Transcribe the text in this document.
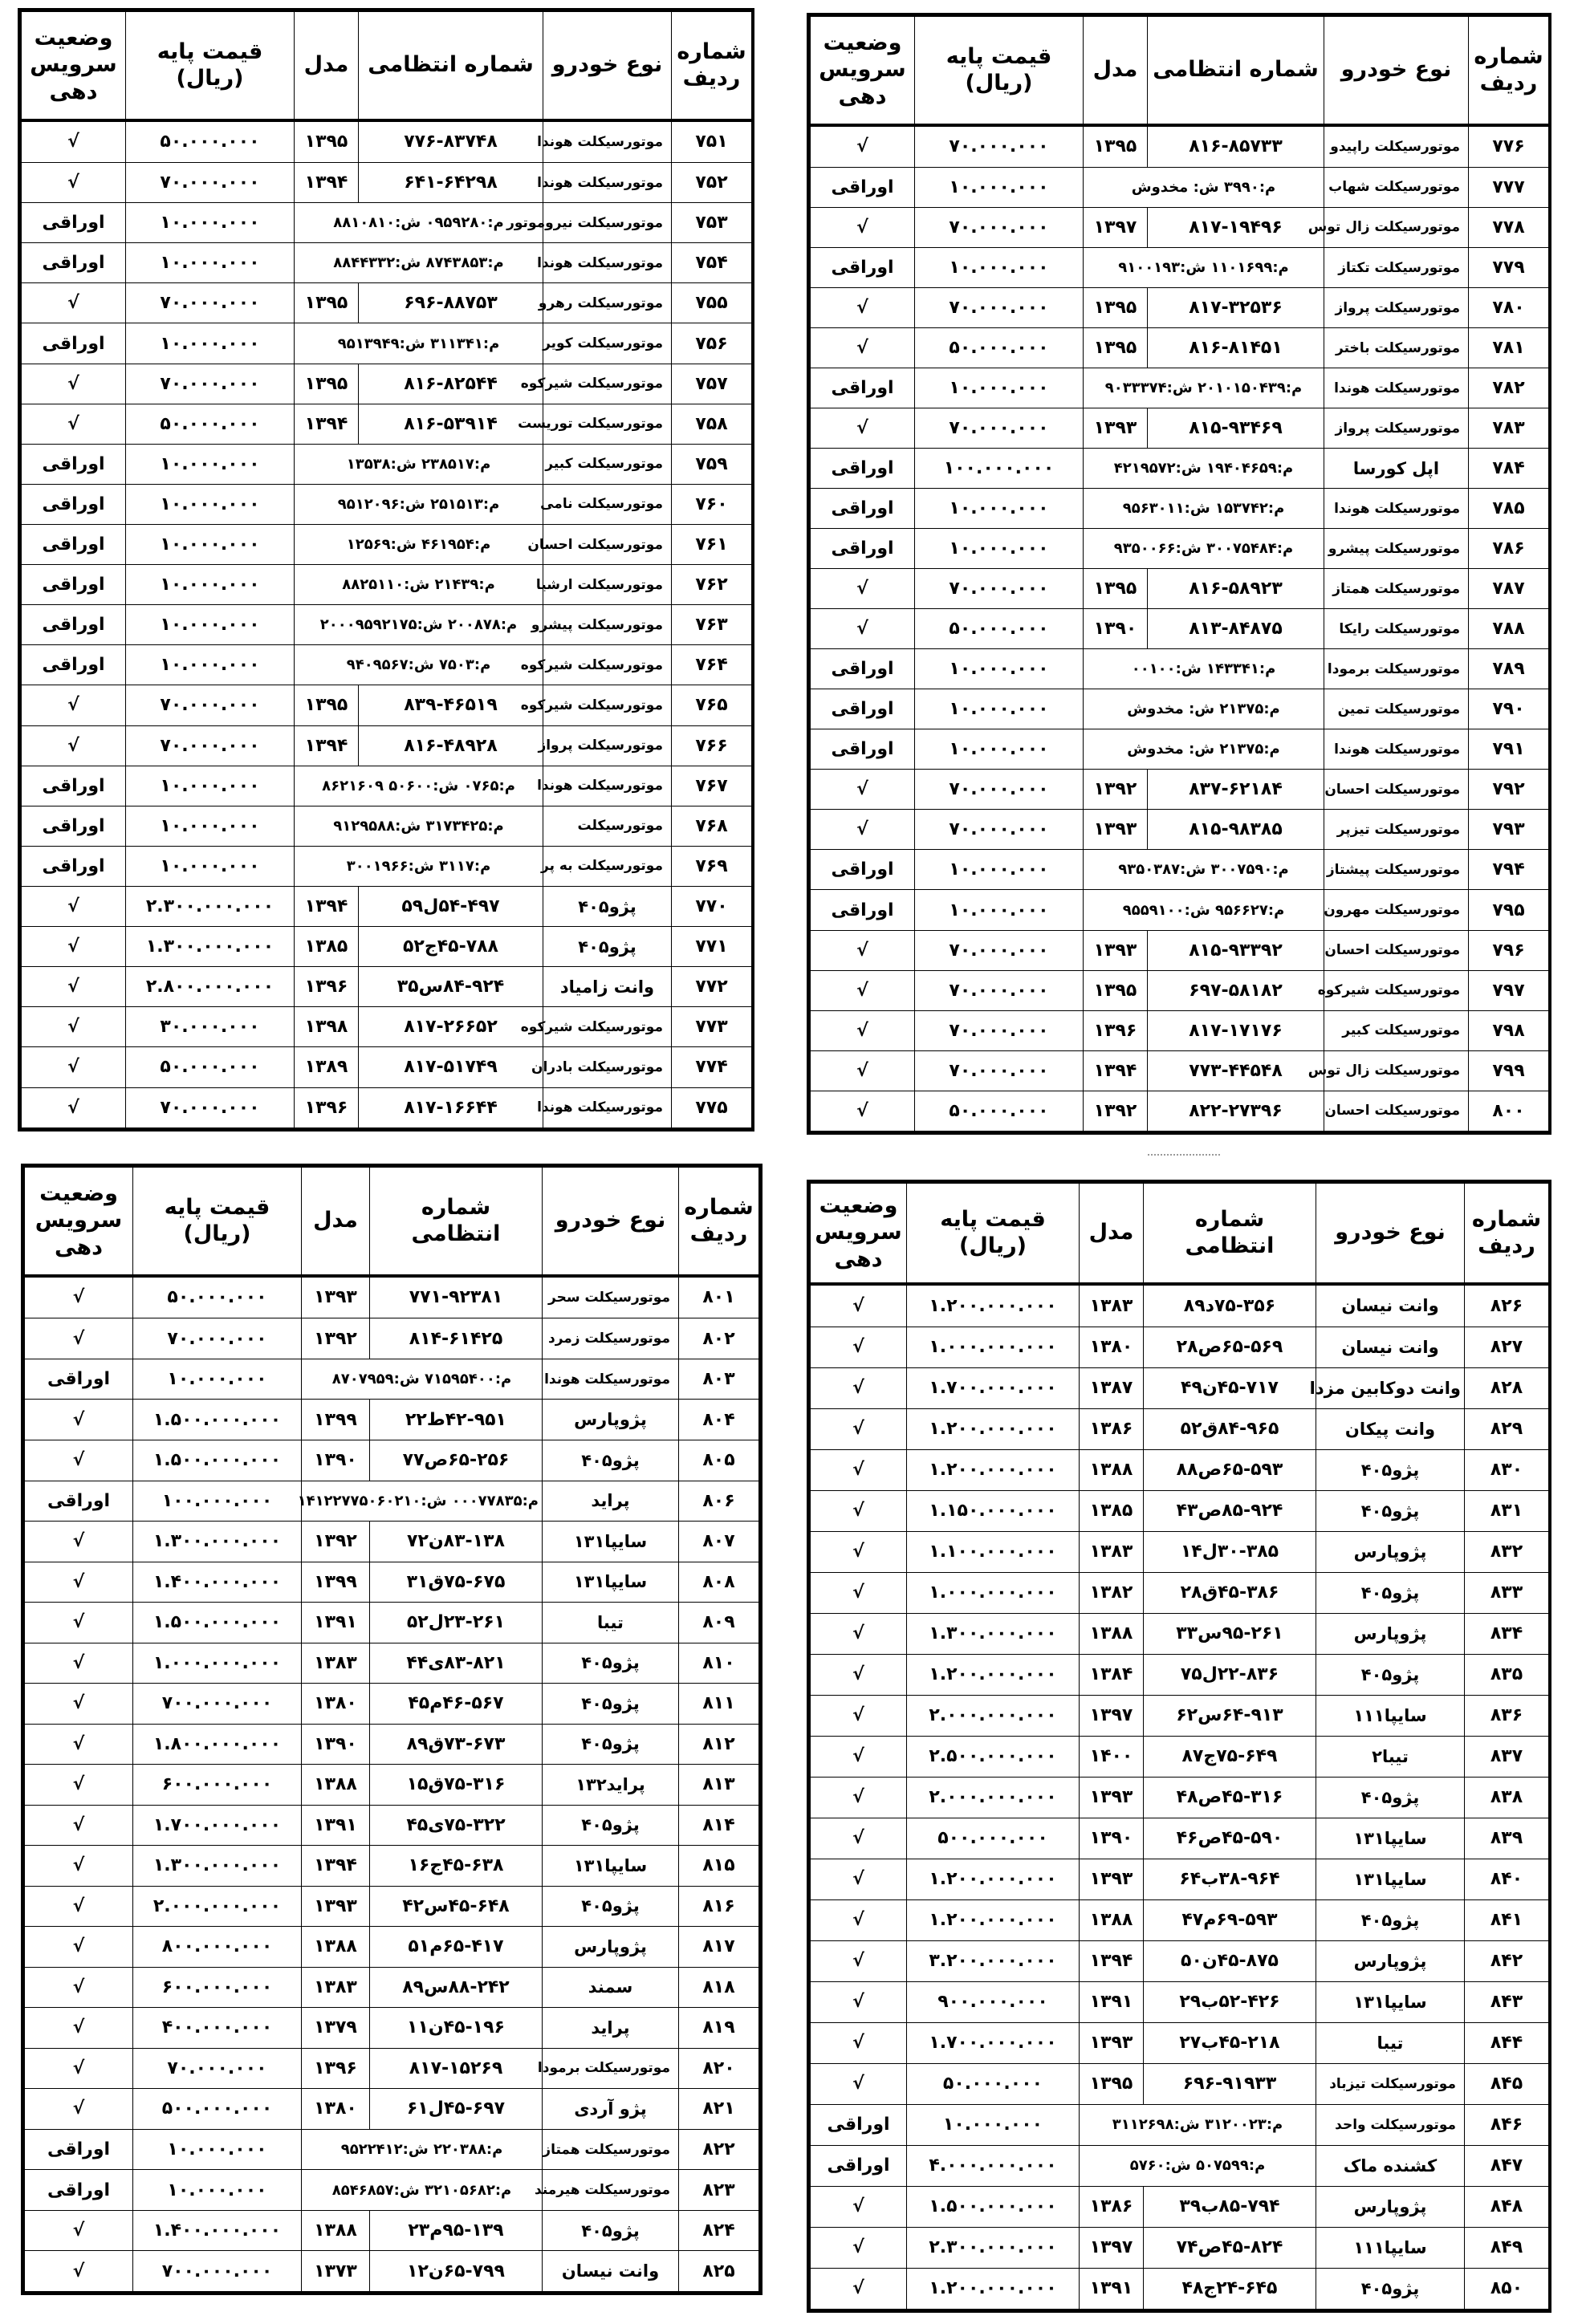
شماره ردیف	نوع خودرو	شماره انتظامی	مدل	قیمت پایه (ریال)	وضعیت سرویس دهی
۷۵۱	موتورسیکلت هوندا	۷۷۶-۸۳۷۴۸	۱۳۹۵	۵۰.۰۰۰.۰۰۰	√
۷۵۲	موتورسیکلت هوندا	۶۴۱-۶۴۲۹۸	۱۳۹۴	۷۰.۰۰۰.۰۰۰	√
۷۵۳	موتورسیکلت نیروموتور	م:۰۹۵۹۲۸۰ ش:۸۸۱۰۸۱۰		۱۰.۰۰۰.۰۰۰	اوراقی
۷۵۴	موتورسیکلت هوندا	م:۸۷۴۳۸۵۳ ش:۸۸۴۴۳۳۲		۱۰.۰۰۰.۰۰۰	اوراقی
۷۵۵	موتورسیکلت رهرو	۶۹۶-۸۸۷۵۳	۱۳۹۵	۷۰.۰۰۰.۰۰۰	√
۷۵۶	موتورسیکلت کویر	م:۳۱۱۳۴۱ ش:۹۵۱۳۹۴۹		۱۰.۰۰۰.۰۰۰	اوراقی
۷۵۷	موتورسیکلت شیرکوه	۸۱۶-۸۲۵۴۴	۱۳۹۵	۷۰.۰۰۰.۰۰۰	√
۷۵۸	موتورسیکلت توریست	۸۱۶-۵۳۹۱۴	۱۳۹۴	۵۰.۰۰۰.۰۰۰	√
۷۵۹	موتورسیکلت کبیر	م:۲۳۸۵۱۷ ش:۱۳۵۳۸		۱۰.۰۰۰.۰۰۰	اوراقی
۷۶۰	موتورسیکلت نامی	م:۲۵۱۵۱۳ ش:۹۵۱۲۰۹۶		۱۰.۰۰۰.۰۰۰	اوراقی
۷۶۱	موتورسیکلت احسان	م:۴۶۱۹۵۴ ش:۱۲۵۶۹		۱۰.۰۰۰.۰۰۰	اوراقی
۷۶۲	موتورسیکلت ارشیا	م:۲۱۴۳۹ ش:۸۸۲۵۱۱۰		۱۰.۰۰۰.۰۰۰	اوراقی
۷۶۳	موتورسیکلت پیشرو	م:۲۰۰۸۷۸ ش:۲۰۰۰۹۵۹۲۱۷۵		۱۰.۰۰۰.۰۰۰	اوراقی
۷۶۴	موتورسیکلت شیرکوه	م:۷۵۰۳ ش:۹۴۰۹۵۶۷		۱۰.۰۰۰.۰۰۰	اوراقی
۷۶۵	موتورسیکلت شیرکوه	۸۳۹-۴۶۵۱۹	۱۳۹۵	۷۰.۰۰۰.۰۰۰	√
۷۶۶	موتورسیکلت پرواز	۸۱۶-۴۸۹۲۸	۱۳۹۴	۷۰.۰۰۰.۰۰۰	√
۷۶۷	موتورسیکلت هوندا	م:۰۷۶۵ ش:۵۰۶۰۰ ۸۶۲۱۶۰۹		۱۰.۰۰۰.۰۰۰	اوراقی
۷۶۸	موتورسیکلت	م:۳۱۷۳۴۲۵ ش:۹۱۲۹۵۸۸		۱۰.۰۰۰.۰۰۰	اوراقی
۷۶۹	موتورسیکلت به پر	م:۳۱۱۷ ش:۳۰۰۱۹۶۶		۱۰.۰۰۰.۰۰۰	اوراقی
۷۷۰	پژو۴۰۵	۵۴-۴۹۷ل۵۹	۱۳۹۴	۲.۳۰۰.۰۰۰.۰۰۰	√
۷۷۱	پژو۴۰۵	۴۵-۷۸۸ج۵۲	۱۳۸۵	۱.۳۰۰.۰۰۰.۰۰۰	√
۷۷۲	وانت زامیاد	۸۴-۹۲۴س۳۵	۱۳۹۶	۲.۸۰۰.۰۰۰.۰۰۰	√
۷۷۳	موتورسیکلت شیرکوه	۸۱۷-۲۶۶۵۲	۱۳۹۸	۳۰.۰۰۰.۰۰۰	√
۷۷۴	موتورسیکلت بادران	۸۱۷-۵۱۷۴۹	۱۳۸۹	۵۰.۰۰۰.۰۰۰	√
۷۷۵	موتورسیکلت هوندا	۸۱۷-۱۶۶۴۴	۱۳۹۶	۷۰.۰۰۰.۰۰۰	√
شماره ردیف	نوع خودرو	شماره انتظامی	مدل	قیمت پایه (ریال)	وضعیت سرویس دهی
۷۷۶	موتورسیکلت راپیدو	۸۱۶-۸۵۷۳۳	۱۳۹۵	۷۰.۰۰۰.۰۰۰	√
۷۷۷	موتورسیکلت شهاب	م:۳۹۹۰ ش: مخدوش		۱۰.۰۰۰.۰۰۰	اوراقی
۷۷۸	موتورسیکلت زال توس	۸۱۷-۱۹۴۹۶	۱۳۹۷	۷۰.۰۰۰.۰۰۰	√
۷۷۹	موتورسیکلت تکتاز	م:۱۱۰۱۶۹۹ ش:۹۱۰۰۱۹۳		۱۰.۰۰۰.۰۰۰	اوراقی
۷۸۰	موتورسیکلت پرواز	۸۱۷-۳۲۵۳۶	۱۳۹۵	۷۰.۰۰۰.۰۰۰	√
۷۸۱	موتورسیکلت باختر	۸۱۶-۸۱۴۵۱	۱۳۹۵	۵۰.۰۰۰.۰۰۰	√
۷۸۲	موتورسیکلت هوندا	م:۲۰۱۰۱۵۰۴۳۹ ش:۹۰۳۳۳۷۴		۱۰.۰۰۰.۰۰۰	اوراقی
۷۸۳	موتورسیکلت پرواز	۸۱۵-۹۳۴۶۹	۱۳۹۳	۷۰.۰۰۰.۰۰۰	√
۷۸۴	اپل کورسا	م:۱۹۴۰۴۶۵۹ ش:۴۲۱۹۵۷۲		۱۰۰.۰۰۰.۰۰۰	اوراقی
۷۸۵	موتورسیکلت هوندا	م:۱۵۳۷۴۲ ش:۹۵۶۳۰۱۱		۱۰.۰۰۰.۰۰۰	اوراقی
۷۸۶	موتورسیکلت پیشرو	م:۳۰۰۷۵۴۸۴ ش:۹۳۵۰۰۶۶		۱۰.۰۰۰.۰۰۰	اوراقی
۷۸۷	موتورسیکلت همتاز	۸۱۶-۵۸۹۲۳	۱۳۹۵	۷۰.۰۰۰.۰۰۰	√
۷۸۸	موتورسیکلت رایکا	۸۱۳-۸۴۸۷۵	۱۳۹۰	۵۰.۰۰۰.۰۰۰	√
۷۸۹	موتورسیکلت برمودا	م:۱۴۳۳۴۱ ش:۰۰۱۰۰		۱۰.۰۰۰.۰۰۰	اوراقی
۷۹۰	موتورسیکلت تمین	م:۲۱۳۷۵ ش: مخدوش		۱۰.۰۰۰.۰۰۰	اوراقی
۷۹۱	موتورسیکلت هوندا	م:۲۱۳۷۵ ش: مخدوش		۱۰.۰۰۰.۰۰۰	اوراقی
۷۹۲	موتورسیکلت احسان	۸۳۷-۶۲۱۸۴	۱۳۹۲	۷۰.۰۰۰.۰۰۰	√
۷۹۳	موتورسیکلت تیزپر	۸۱۵-۹۸۳۸۵	۱۳۹۳	۷۰.۰۰۰.۰۰۰	√
۷۹۴	موتورسیکلت پیشتاز	م:۳۰۰۷۵۹۰ ش:۹۳۵۰۳۸۷		۱۰.۰۰۰.۰۰۰	اوراقی
۷۹۵	موتورسیکلت مهرون	م:۹۵۶۶۲۷ ش:۹۵۵۹۱۰۰		۱۰.۰۰۰.۰۰۰	اوراقی
۷۹۶	موتورسیکلت احسان	۸۱۵-۹۳۳۹۲	۱۳۹۳	۷۰.۰۰۰.۰۰۰	√
۷۹۷	موتورسیکلت شیرکوه	۶۹۷-۵۸۱۸۲	۱۳۹۵	۷۰.۰۰۰.۰۰۰	√
۷۹۸	موتورسیکلت کبیر	۸۱۷-۱۷۱۷۶	۱۳۹۶	۷۰.۰۰۰.۰۰۰	√
۷۹۹	موتورسیکلت زال توس	۷۷۳-۴۴۵۴۸	۱۳۹۴	۷۰.۰۰۰.۰۰۰	√
۸۰۰	موتورسیکلت احسان	۸۲۲-۲۷۳۹۶	۱۳۹۲	۵۰.۰۰۰.۰۰۰	√
شماره ردیف	نوع خودرو	شماره انتظامی	مدل	قیمت پایه (ریال)	وضعیت سرویس دهی
۸۰۱	موتورسیکلت سحر	۷۷۱-۹۲۳۸۱	۱۳۹۳	۵۰.۰۰۰.۰۰۰	√
۸۰۲	موتورسیکلت زمرد	۸۱۴-۶۱۴۲۵	۱۳۹۲	۷۰.۰۰۰.۰۰۰	√
۸۰۳	موتورسیکلت هوندا	م:۷۱۵۹۵۴۰۰ ش:۸۷۰۷۹۵۹		۱۰.۰۰۰.۰۰۰	اوراقی
۸۰۴	پژوپارس	۴۲-۹۵۱ط۲۲	۱۳۹۹	۱.۵۰۰.۰۰۰.۰۰۰	√
۸۰۵	پژو۴۰۵	۶۵-۲۵۶ص۷۷	۱۳۹۰	۱.۵۰۰.۰۰۰.۰۰۰	√
۸۰۶	پراید	م:۰۰۰۷۷۸۳۵ ش:۱۴۱۲۲۷۷۵۰۶۰۲۱۰		۱۰۰.۰۰۰.۰۰۰	اوراقی
۸۰۷	سایپا۱۳۱	۸۳-۱۳۸ن۷۲	۱۳۹۲	۱.۳۰۰.۰۰۰.۰۰۰	√
۸۰۸	سایپا۱۳۱	۷۵-۶۷۵ق۳۱	۱۳۹۹	۱.۴۰۰.۰۰۰.۰۰۰	√
۸۰۹	تیبا	۲۳-۲۶۱ل۵۲	۱۳۹۱	۱.۵۰۰.۰۰۰.۰۰۰	√
۸۱۰	پژو۴۰۵	۸۳-۸۲۱ی۴۴	۱۳۸۳	۱.۰۰۰.۰۰۰.۰۰۰	√
۸۱۱	پژو۴۰۵	۴۶-۵۶۷م۴۵	۱۳۸۰	۷۰۰.۰۰۰.۰۰۰	√
۸۱۲	پژو۴۰۵	۷۳-۶۷۳ق۸۹	۱۳۹۰	۱.۸۰۰.۰۰۰.۰۰۰	√
۸۱۳	پراید۱۳۲	۷۵-۳۱۶ق۱۵	۱۳۸۸	۶۰۰.۰۰۰.۰۰۰	√
۸۱۴	پژو۴۰۵	۷۵-۳۲۲ی۴۵	۱۳۹۱	۱.۷۰۰.۰۰۰.۰۰۰	√
۸۱۵	سایپا۱۳۱	۴۵-۶۳۸ج۱۶	۱۳۹۴	۱.۳۰۰.۰۰۰.۰۰۰	√
۸۱۶	پژو۴۰۵	۴۵-۶۴۸س۴۲	۱۳۹۳	۲.۰۰۰.۰۰۰.۰۰۰	√
۸۱۷	پژوپارس	۶۵-۴۱۷م۵۱	۱۳۸۸	۸۰۰.۰۰۰.۰۰۰	√
۸۱۸	سمند	۸۸-۲۴۲س۸۹	۱۳۸۳	۶۰۰.۰۰۰.۰۰۰	√
۸۱۹	پراید	۴۵-۱۹۶ن۱۱	۱۳۷۹	۴۰۰.۰۰۰.۰۰۰	√
۸۲۰	موتورسیکلت برمودا	۸۱۷-۱۵۲۶۹	۱۳۹۶	۷۰.۰۰۰.۰۰۰	√
۸۲۱	پژو آردی	۴۵-۶۹۷ل۶۱	۱۳۸۰	۵۰۰.۰۰۰.۰۰۰	√
۸۲۲	موتورسیکلت همتاز	م:۲۲۰۳۸۸ ش:۹۵۲۲۴۱۲		۱۰.۰۰۰.۰۰۰	اوراقی
۸۲۳	موتورسیکلت هیرمند	م:۳۲۱۰۵۶۸۲ ش:۸۵۴۶۸۵۷		۱۰.۰۰۰.۰۰۰	اوراقی
۸۲۴	پژو۴۰۵	۹۵-۱۳۹م۲۳	۱۳۸۸	۱.۴۰۰.۰۰۰.۰۰۰	√
۸۲۵	وانت نیسان	۶۵-۷۹۹ن۱۲	۱۳۷۳	۷۰۰.۰۰۰.۰۰۰	√
شماره ردیف	نوع خودرو	شماره انتظامی	مدل	قیمت پایه (ریال)	وضعیت سرویس دهی
۸۲۶	وانت نیسان	۷۵-۳۵۶د۸۹	۱۳۸۳	۱.۲۰۰.۰۰۰.۰۰۰	√
۸۲۷	وانت نیسان	۶۵-۵۶۹ص۲۸	۱۳۸۰	۱.۰۰۰.۰۰۰.۰۰۰	√
۸۲۸	وانت دوکابین مزدا	۴۵-۷۱۷ن۴۹	۱۳۸۷	۱.۷۰۰.۰۰۰.۰۰۰	√
۸۲۹	وانت پیکان	۸۴-۹۶۵ق۵۲	۱۳۸۶	۱.۲۰۰.۰۰۰.۰۰۰	√
۸۳۰	پژو۴۰۵	۶۵-۵۹۳ص۸۸	۱۳۸۸	۱.۲۰۰.۰۰۰.۰۰۰	√
۸۳۱	پژو۴۰۵	۸۵-۹۲۴ص۴۳	۱۳۸۵	۱.۱۵۰.۰۰۰.۰۰۰	√
۸۳۲	پژوپارس	۳۰-۳۸۵ل۱۴	۱۳۸۳	۱.۱۰۰.۰۰۰.۰۰۰	√
۸۳۳	پژو۴۰۵	۴۵-۳۸۶ق۲۸	۱۳۸۲	۱.۰۰۰.۰۰۰.۰۰۰	√
۸۳۴	پژوپارس	۹۵-۲۶۱س۳۳	۱۳۸۸	۱.۳۰۰.۰۰۰.۰۰۰	√
۸۳۵	پژو۴۰۵	۲۲-۸۳۶ل۷۵	۱۳۸۴	۱.۲۰۰.۰۰۰.۰۰۰	√
۸۳۶	سایپا۱۱۱	۶۴-۹۱۳س۶۲	۱۳۹۷	۲.۰۰۰.۰۰۰.۰۰۰	√
۸۳۷	تیبا۲	۷۵-۶۴۹ج۸۷	۱۴۰۰	۲.۵۰۰.۰۰۰.۰۰۰	√
۸۳۸	پژو۴۰۵	۴۵-۳۱۶ص۴۸	۱۳۹۳	۲.۰۰۰.۰۰۰.۰۰۰	√
۸۳۹	سایپا۱۳۱	۴۵-۵۹۰ص۴۶	۱۳۹۰	۵۰۰.۰۰۰.۰۰۰	√
۸۴۰	سایپا۱۳۱	۳۸-۹۶۴ب۶۴	۱۳۹۳	۱.۲۰۰.۰۰۰.۰۰۰	√
۸۴۱	پژو۴۰۵	۶۹-۵۹۳م۴۷	۱۳۸۸	۱.۲۰۰.۰۰۰.۰۰۰	√
۸۴۲	پژوپارس	۴۵-۸۷۵ن۵۰	۱۳۹۴	۳.۲۰۰.۰۰۰.۰۰۰	√
۸۴۳	سایپا۱۳۱	۵۲-۴۲۶ب۲۹	۱۳۹۱	۹۰۰.۰۰۰.۰۰۰	√
۸۴۴	تیبا	۴۵-۲۱۸ب۲۷	۱۳۹۳	۱.۷۰۰.۰۰۰.۰۰۰	√
۸۴۵	موتورسیکلت تیزباد	۶۹۶-۹۱۹۳۳	۱۳۹۵	۵۰.۰۰۰.۰۰۰	√
۸۴۶	موتورسیکلت واحد	م:۳۱۲۰۰۲۳ ش:۳۱۱۲۶۹۸		۱۰.۰۰۰.۰۰۰	اوراقی
۸۴۷	کشنده ماک	م:۵۰۷۵۹۹ ش:۵۷۶۰		۴.۰۰۰.۰۰۰.۰۰۰	اوراقی
۸۴۸	پژوپارس	۸۵-۷۹۴ب۳۹	۱۳۸۶	۱.۵۰۰.۰۰۰.۰۰۰	√
۸۴۹	سایپا۱۱۱	۴۵-۸۲۴ص۷۴	۱۳۹۷	۲.۳۰۰.۰۰۰.۰۰۰	√
۸۵۰	پژو۴۰۵	۲۴-۶۴۵ج۴۸	۱۳۹۱	۱.۲۰۰.۰۰۰.۰۰۰	√
